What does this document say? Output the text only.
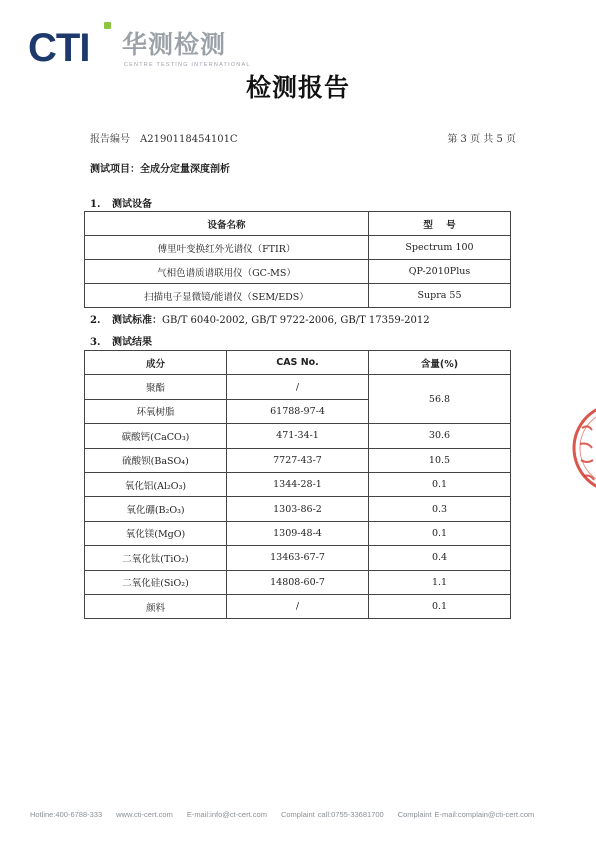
CTI 华测检测
CENTRE TESTING INTERNATIONAL
检测报告
报告编号 A2190118454101C	第 3 页 共 5 页
测试项目：全成分定量深度剖析
1. 测试设备
设备名称	型    号
傅里叶变换红外光谱仪（FTIR）	Spectrum 100
气相色谱质谱联用仪（GC-MS）	QP-2010Plus
扫描电子显微镜/能谱仪（SEM/EDS）	Supra 55
2. 测试标准：GB/T 6040-2002, GB/T 9722-2006, GB/T 17359-2012
3. 测试结果
成分	CAS No.	含量(%)
聚酯	/	56.8
环氧树脂	61788-97-4	
碳酸钙(CaCO₃)	471-34-1	30.6
硫酸钡(BaSO₄)	7727-43-7	10.5
氧化铝(Al₂O₃)	1344-28-1	0.1
氧化硼(B₂O₃)	1303-86-2	0.3
氧化镁(MgO)	1309-48-4	0.1
二氧化钛(TiO₂)	13463-67-7	0.4
二氧化硅(SiO₂)	14808-60-7	1.1
颜料	/	0.1
Hotline:400-6788-333 www.cti-cert.com E-mail:info@ct-cert.com Complaint call:0755-33681700 Complaint E-mail:complain@cti-cert.com
